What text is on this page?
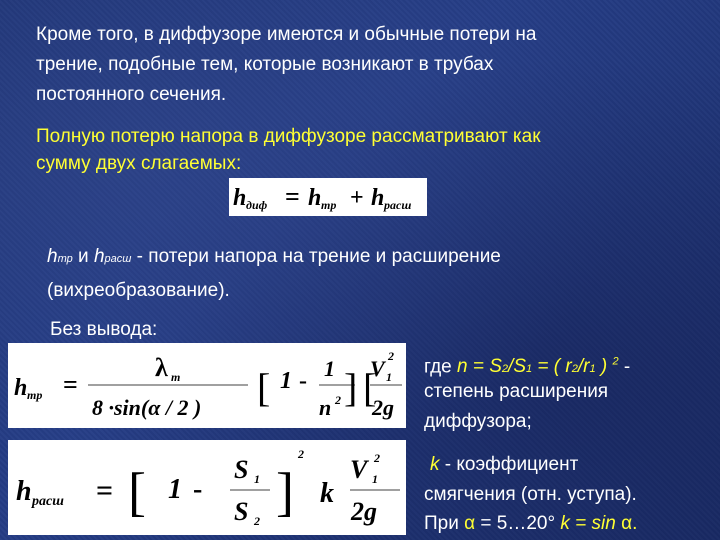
Кроме того, в диффузоре имеются и обычные потери на
трение, подобные тем, которые возникают в трубах
постоянного сечения.
Полную потерю напора в диффузоре рассматривают как
сумму двух слагаемых:
h диф = h тр + h расш
hтр и hрасш - потери напора на трение и расширение
(вихреобразование).
Без вывода:
h тр =
λ т
8 ·sin(α / 2 ) [ 1 - 1
n 2 ] [
V 2
1
2g
h расш = [ 1 -
S 1
S 2 ]
2
k
V 2
1
2g
где n = S2/S1 = ( r2/r1 ) $^2$ -
степень расширения
диффузора;
k - коэффициент
смягчения (отн. уступа).
При α = 5…20° k = sin α.
